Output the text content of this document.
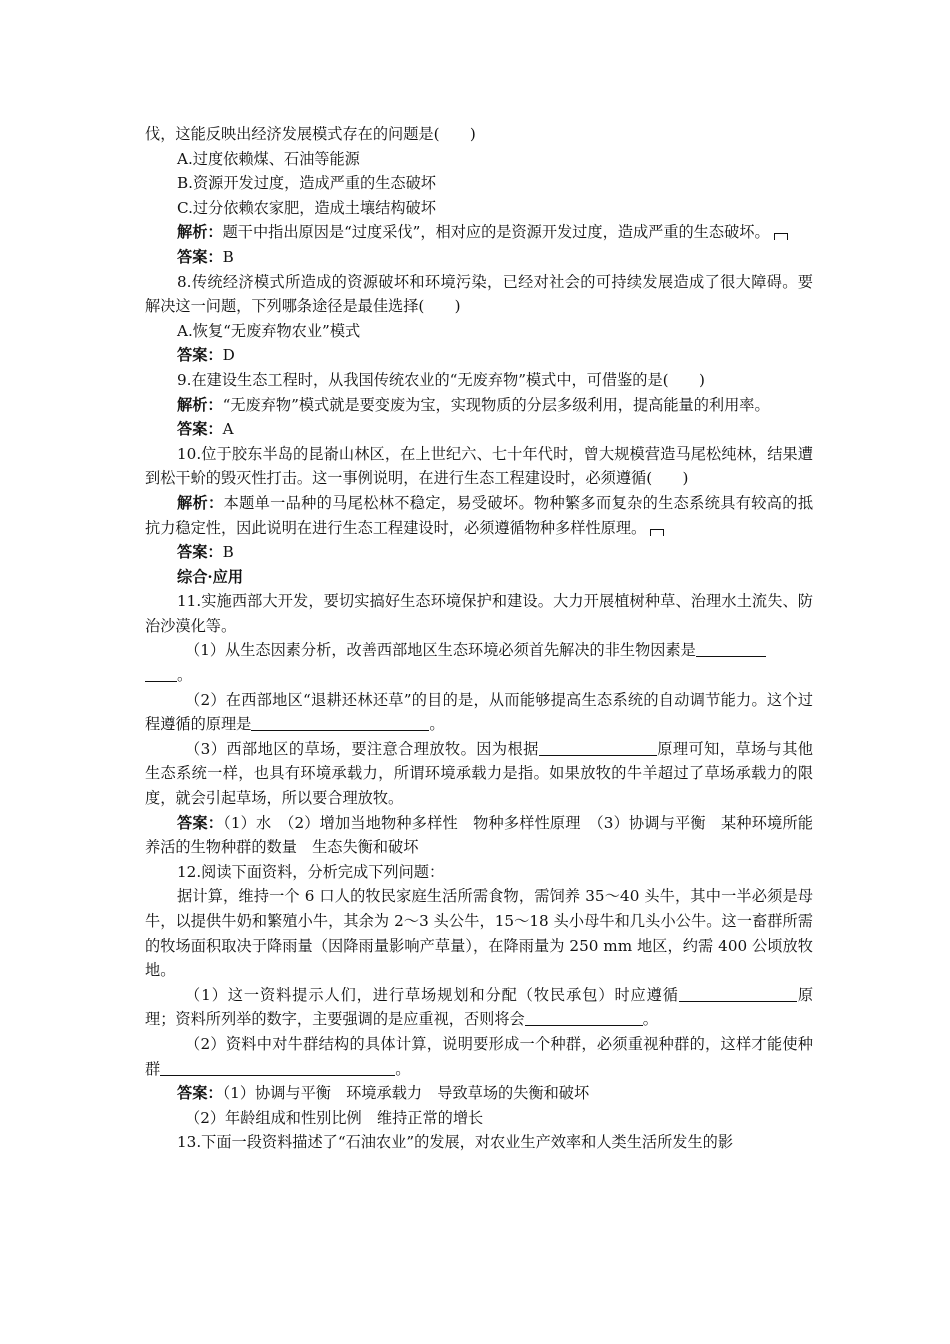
伐，这能反映出经济发展模式存在的问题是(　　)

A.过度依赖煤、石油等能源

B.资源开发过度，造成严重的生态破坏

C.过分依赖农家肥，造成土壤结构破坏

解析：题干中指出原因是“过度采伐”，相对应的是资源开发过度，造成严重的生态破坏。

答案：B

8.传统经济模式所造成的资源破坏和环境污染，已经对社会的可持续发展造成了很大障碍。要解决这一问题，下列哪条途径是最佳选择(　　)

A.恢复“无废弃物农业”模式

答案：D

9.在建设生态工程时，从我国传统农业的“无废弃物”模式中，可借鉴的是(　　)

解析：“无废弃物”模式就是要变废为宝，实现物质的分层多级利用，提高能量的利用率。

答案：A

10.位于胶东半岛的昆嵛山林区，在上世纪六、七十年代时，曾大规模营造马尾松纯林，结果遭到松干蚧的毁灭性打击。这一事例说明，在进行生态工程建设时，必须遵循(　　)

解析：本题单一品种的马尾松林不稳定，易受破坏。物种繁多而复杂的生态系统具有较高的抵抗力稳定性，因此说明在进行生态工程建设时，必须遵循物种多样性原理。

答案：B

综合·应用

11.实施西部大开发，要切实搞好生态环境保护和建设。大力开展植树种草、治理水土流失、防治沙漠化等。

（1）从生态因素分析，改善西部地区生态环境必须首先解决的非生物因素是
。

（2）在西部地区“退耕还林还草”的目的是，从而能够提高生态系统的自动调节能力。这个过程遵循的原理是	。

（3）西部地区的草场，要注意合理放牧。因为根据	原理可知，草场与其他生态系统一样，也具有环境承载力，所谓环境承载力是指。如果放牧的牛羊超过了草场承载力的限度，就会引起草场，所以要合理放牧。

答案：（1）水　（2）增加当地物种多样性　物种多样性原理　（3）协调与平衡　某种环境所能养活的生物种群的数量　生态失衡和破坏

12.阅读下面资料，分析完成下列问题：

据计算，维持一个 6 口人的牧民家庭生活所需食物，需饲养 35～40 头牛，其中一半必须是母牛，以提供牛奶和繁殖小牛，其余为 2～3 头公牛，15～18 头小母牛和几头小公牛。这一畜群所需的牧场面积取决于降雨量（因降雨量影响产草量），在降雨量为 250 mm 地区，约需 400 公顷放牧地。

（1）这一资料提示人们，进行草场规划和分配（牧民承包）时应遵循	原理；资料所列举的数字，主要强调的是应重视，否则将会	。

（2）资料中对牛群结构的具体计算，说明要形成一个种群，必须重视种群的，这样才能使种群	。

答案：（1）协调与平衡　环境承载力　导致草场的失衡和破坏

（2）年龄组成和性别比例　维持正常的增长

13.下面一段资料描述了“石油农业”的发展，对农业生产效率和人类生活所发生的影
